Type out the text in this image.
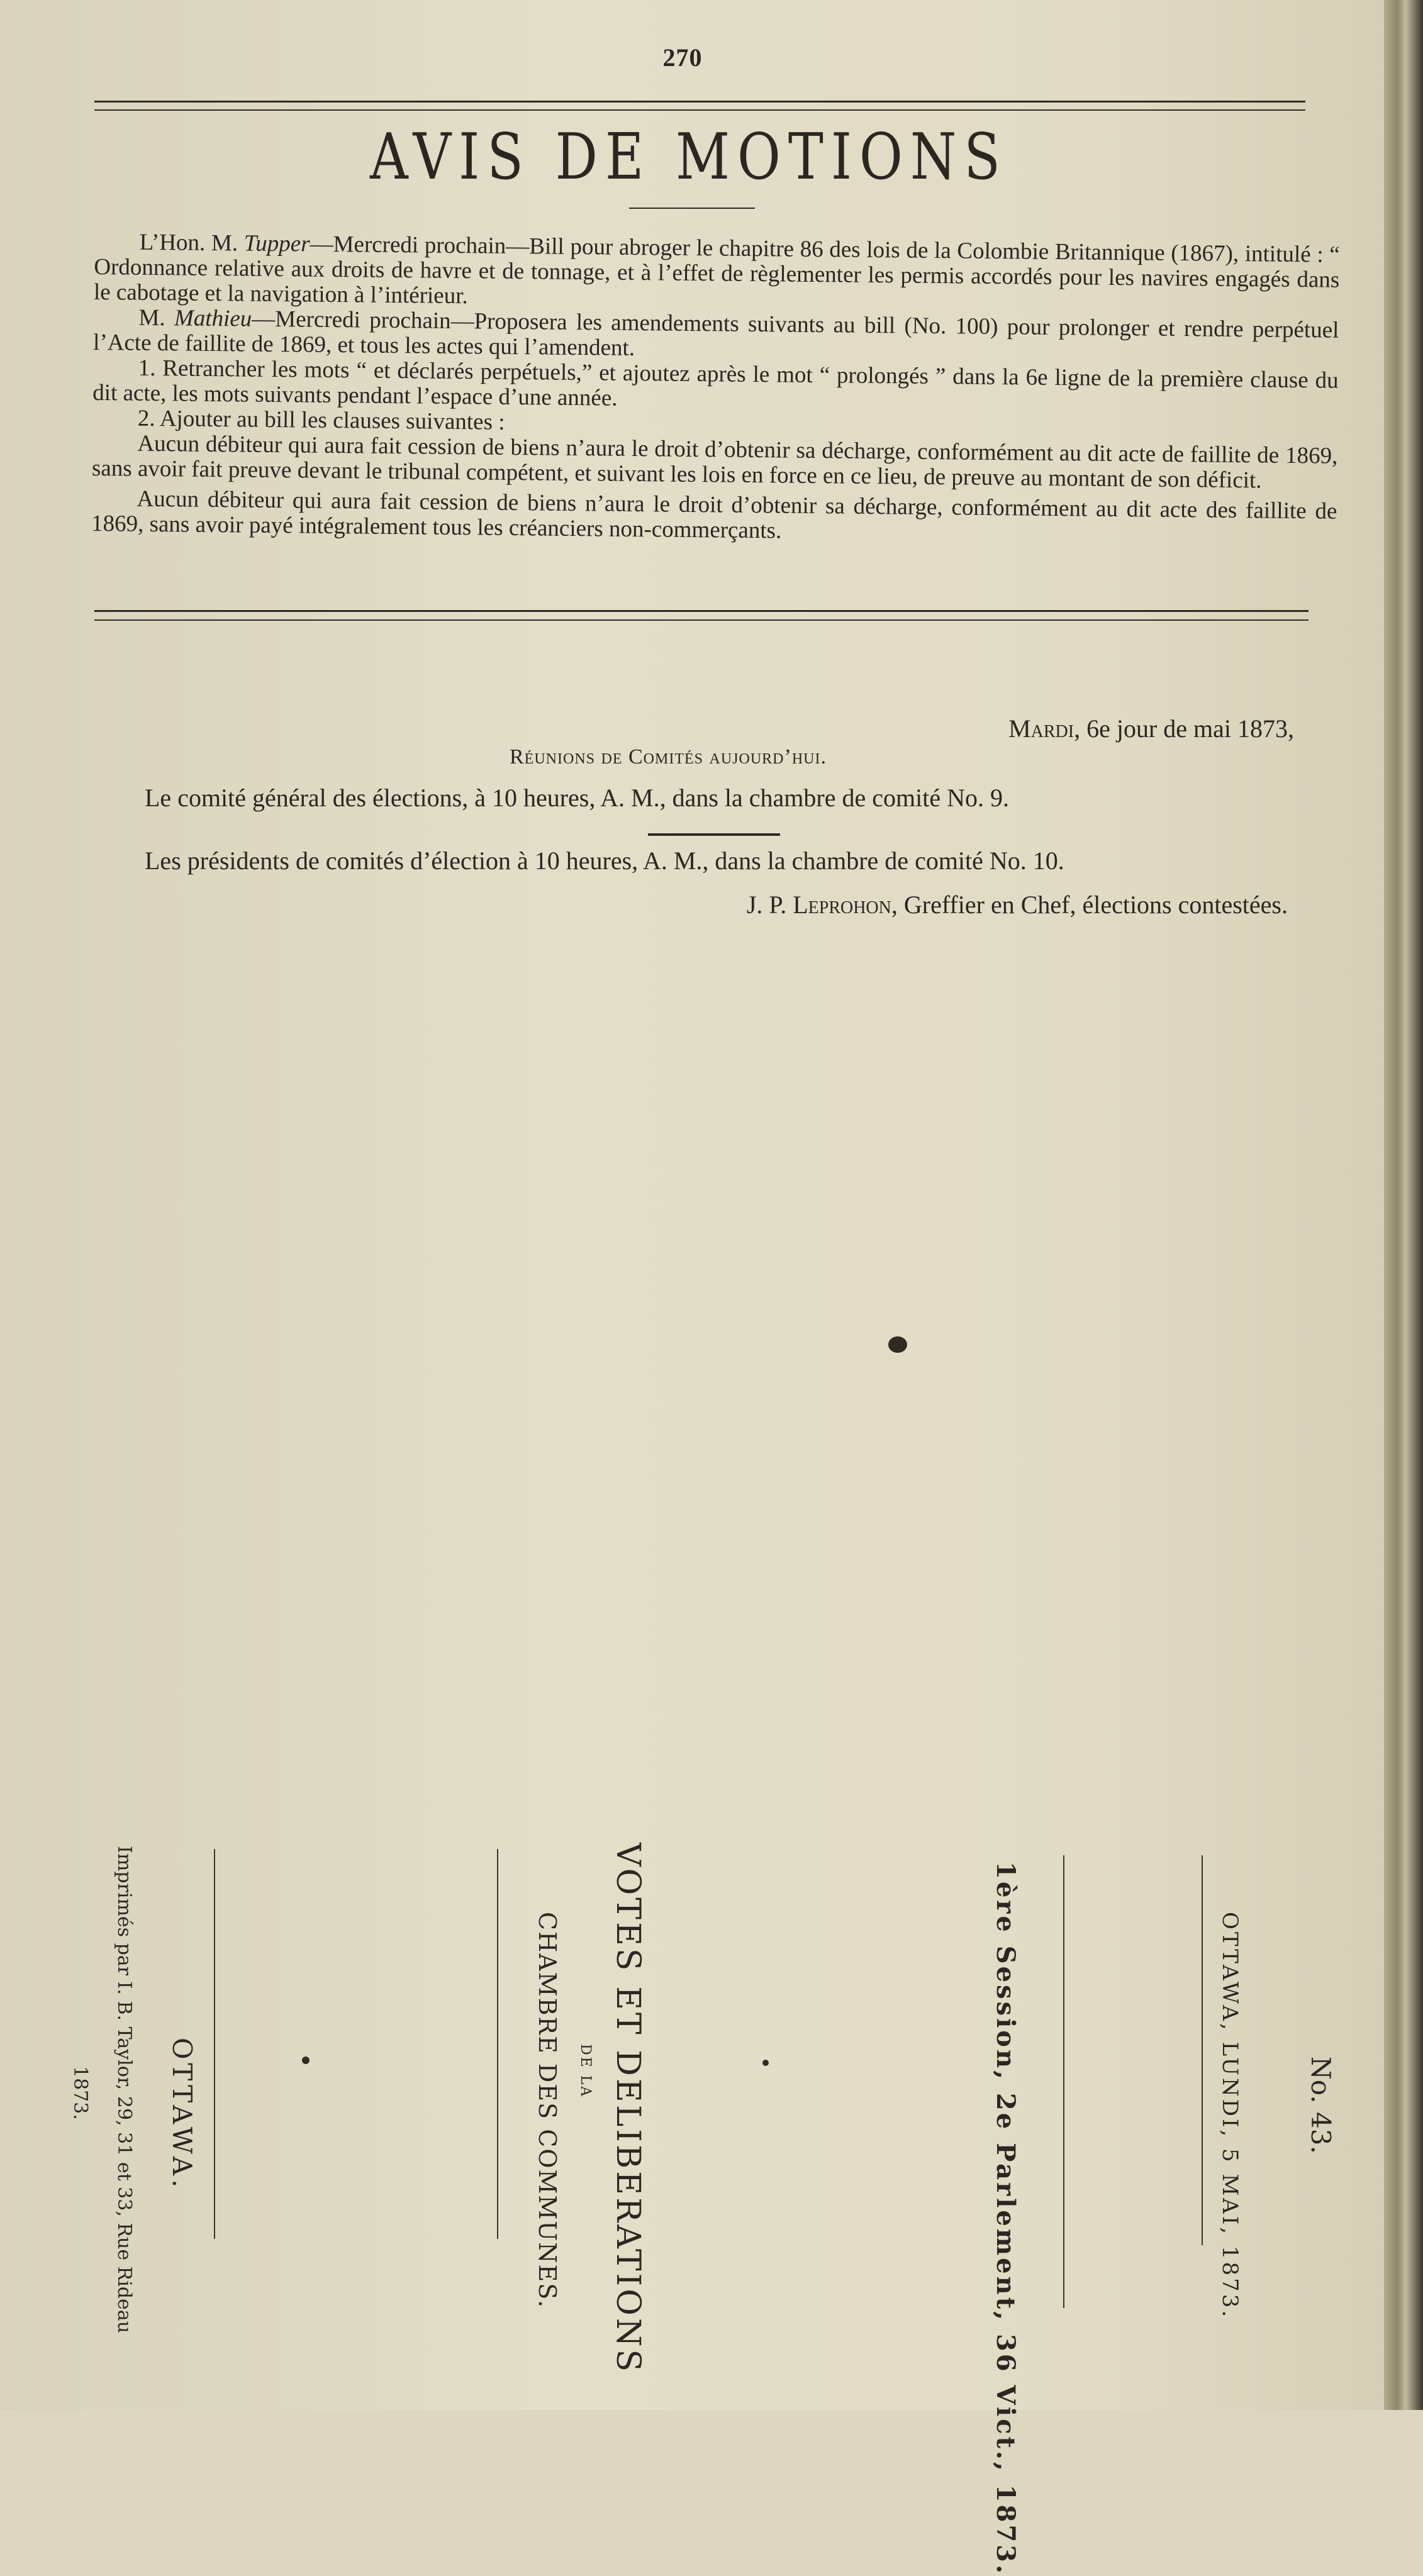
270
AVIS DE MOTIONS

L’Hon. M. Tupper—Mercredi prochain—Bill pour abroger le chapitre 86 des lois de la Colombie Britannique (1867), intitulé : “ Ordonnance relative aux droits de havre et de tonnage, et à l’effet de règlementer les permis accordés pour les navires engagés dans le cabotage et la navigation à l’intérieur.

M. Mathieu—Mercredi prochain—Proposera les amendements suivants au bill (No. 100) pour prolonger et rendre perpétuel l’Acte de faillite de 1869, et tous les actes qui l’amendent.

1. Retrancher les mots “ et déclarés perpétuels,” et ajoutez après le mot “ prolongés ” dans la 6e ligne de la première clause du dit acte, les mots suivants pendant l’espace d’une année.

2. Ajouter au bill les clauses suivantes :

Aucun débiteur qui aura fait cession de biens n’aura le droit d’obtenir sa décharge, conformément au dit acte de faillite de 1869, sans avoir fait preuve devant le tribunal compétent, et suivant les lois en force en ce lieu, de preuve au montant de son déficit.

Aucun débiteur qui aura fait cession de biens n’aura le droit d’obtenir sa décharge, conformément au dit acte des faillite de 1869, sans avoir payé intégralement tous les créanciers non-commerçants.

Mardi, 6e jour de mai 1873,
Réunions de Comités aujourd’hui.
Le comité général des élections, à 10 heures, A. M., dans la chambre de comité No. 9.
Les présidents de comités d’élection à 10 heures, A. M., dans la chambre de comité No. 10.
J. P. Leprohon, Greffier en Chef, élections contestées.
No. 43.
OTTAWA, LUNDI, 5 MAI, 1873.
1ère Session, 2e Parlement, 36 Vict., 1873.
VOTES ET DELIBERATIONS
DE LA
CHAMBRE DES COMMUNES.
OTTAWA.
Imprimés par I. B. Taylor, 29, 31 et 33, Rue Rideau
1873.
